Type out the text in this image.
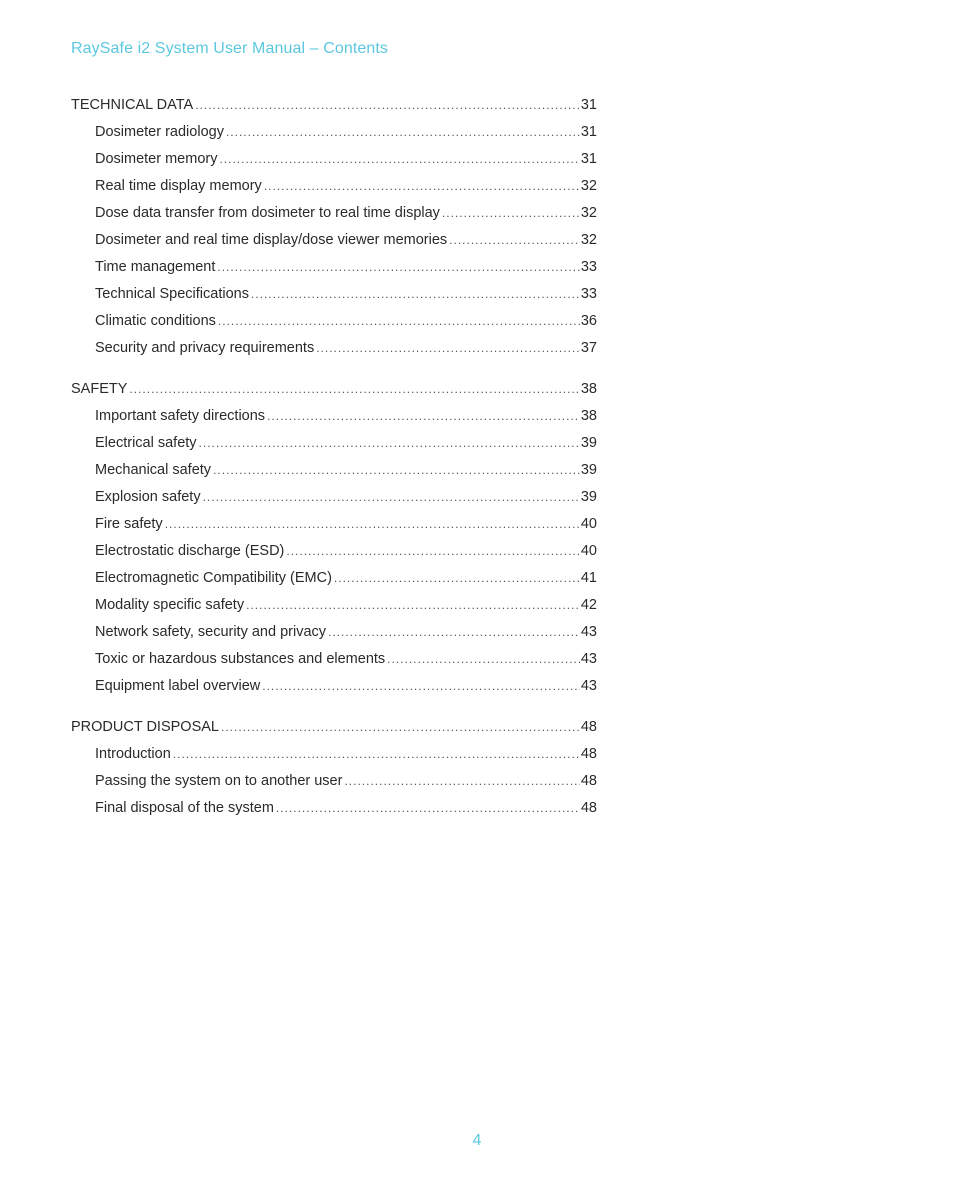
RaySafe i2 System User Manual – Contents
TECHNICAL DATA .....	31
Dosimeter radiology .....	31
Dosimeter memory .....	31
Real time display memory .....	32
Dose data transfer from dosimeter to real time display .....	32
Dosimeter and real time display/dose viewer memories .....	32
Time management .....	33
Technical Specifications .....	33
Climatic conditions .....	36
Security and privacy requirements .....	37
SAFETY .....	38
Important safety directions .....	38
Electrical safety .....	39
Mechanical safety .....	39
Explosion safety .....	39
Fire safety .....	40
Electrostatic discharge (ESD) .....	40
Electromagnetic Compatibility (EMC) .....	41
Modality specific safety .....	42
Network safety, security and privacy .....	43
Toxic or hazardous substances and elements .....	43
Equipment label overview .....	43
PRODUCT DISPOSAL .....	48
Introduction .....	48
Passing the system on to another user .....	48
Final disposal of the system .....	48
4
